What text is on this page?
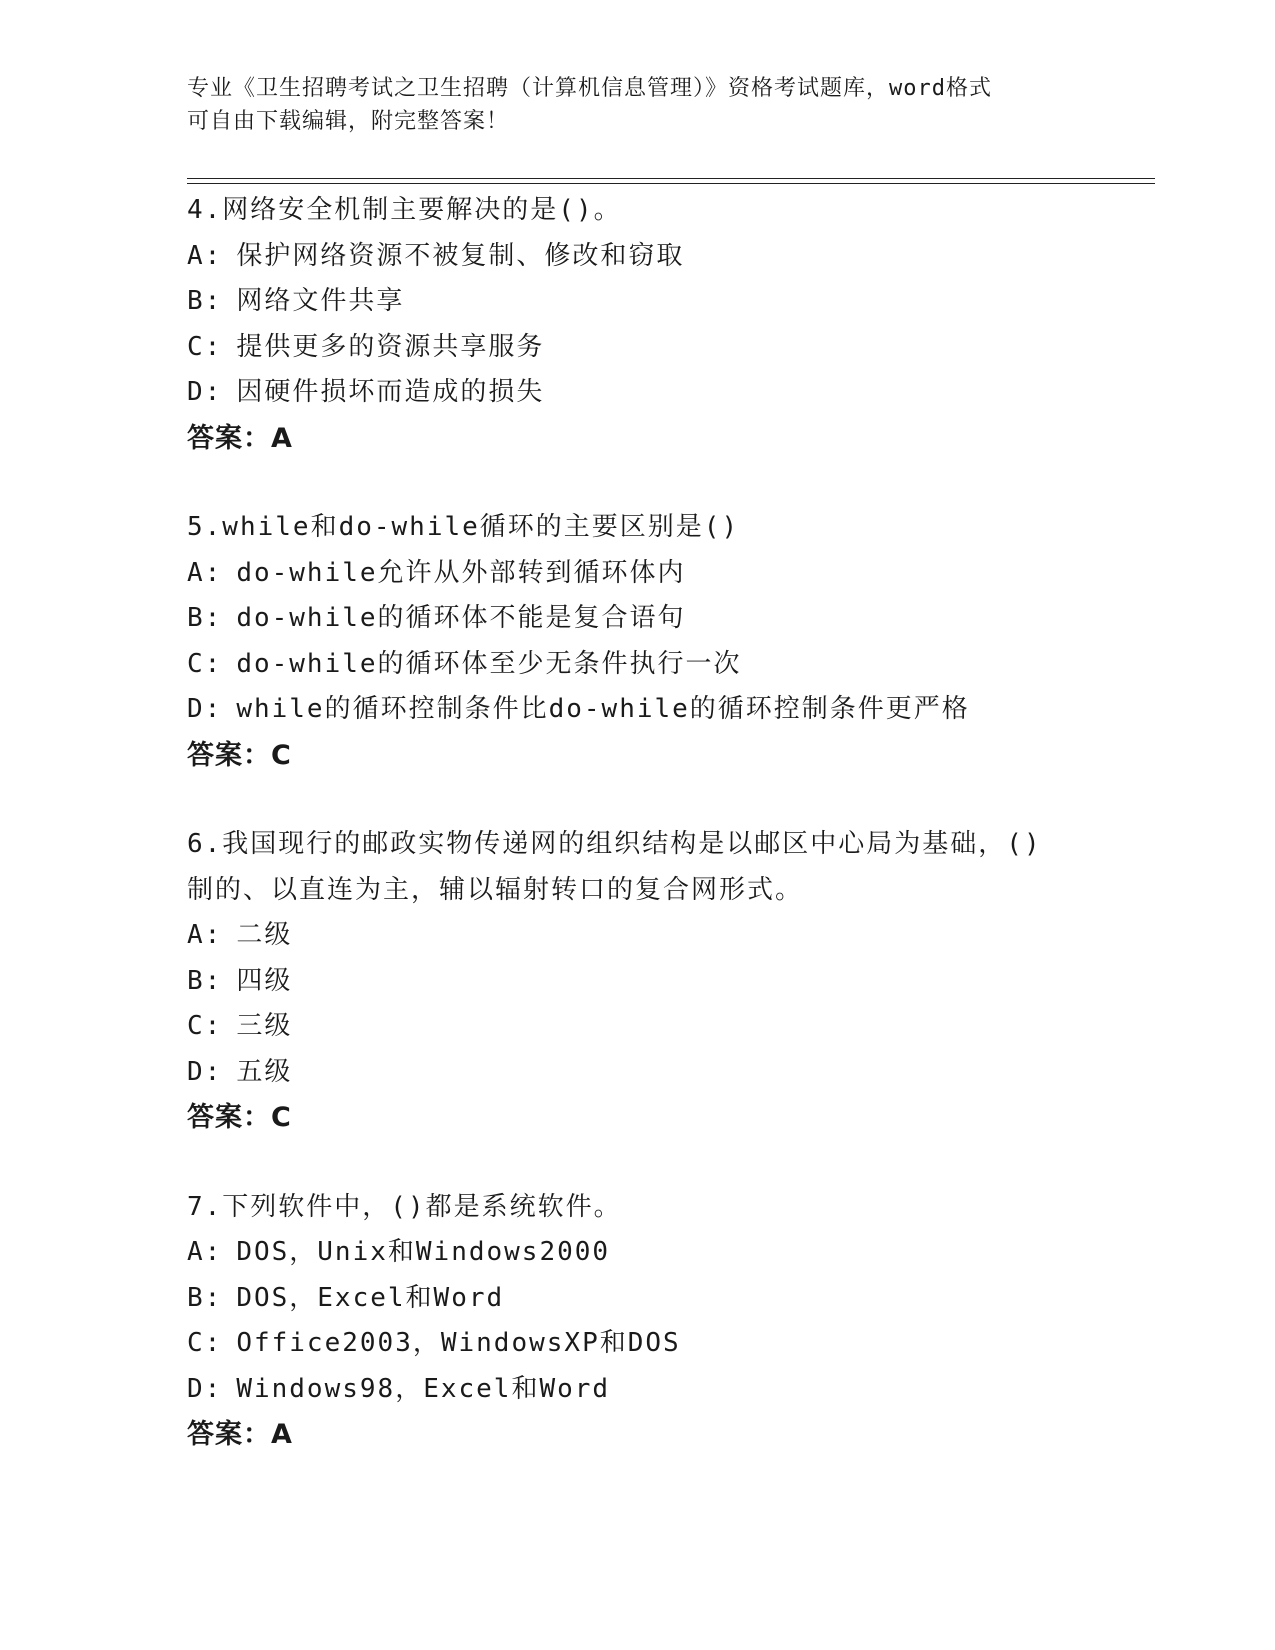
专业《卫生招聘考试之卫生招聘（计算机信息管理）》资格考试题库，word格式
可自由下载编辑，附完整答案！
4.网络安全机制主要解决的是()。
A: 保护网络资源不被复制、修改和窃取
B: 网络文件共享
C: 提供更多的资源共享服务
D: 因硬件损坏而造成的损失
答案：A
5.while和do-while循环的主要区别是()
A: do-while允许从外部转到循环体内
B: do-while的循环体不能是复合语句
C: do-while的循环体至少无条件执行一次
D: while的循环控制条件比do-while的循环控制条件更严格
答案：C
6.我国现行的邮政实物传递网的组织结构是以邮区中心局为基础，()
制的、以直连为主，辅以辐射转口的复合网形式。
A: 二级
B: 四级
C: 三级
D: 五级
答案：C
7.下列软件中，()都是系统软件。
A: DOS，Unix和Windows2000
B: DOS，Excel和Word
C: Office2003，WindowsXP和DOS
D: Windows98，Excel和Word
答案：A
